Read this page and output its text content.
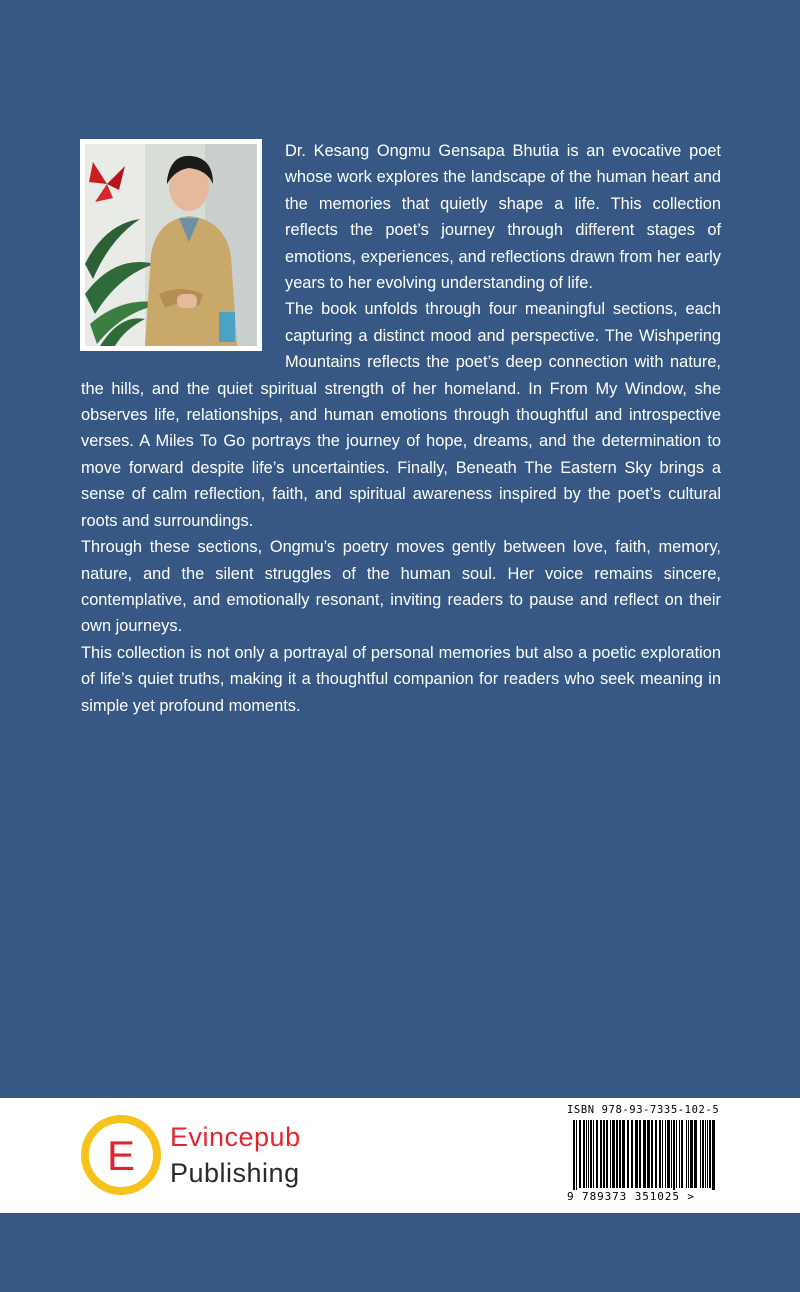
Dr. Kesang Ongmu Gensapa Bhutia is an evocative poet whose work explores the landscape of the human heart and the memories that quietly shape a life. This collection reflects the poet’s journey through different stages of emotions, experiences, and reflections drawn from her early years to her evolving understanding of life.

The book unfolds through four meaningful sections, each capturing a distinct mood and perspective. The Wishpering Mountains reflects the poet’s deep connection with nature, the hills, and the quiet spiritual strength of her homeland. In From My Window, she observes life, relationships, and human emotions through thoughtful and introspective verses. A Miles To Go portrays the journey of hope, dreams, and the determination to move forward despite life’s uncertainties. Finally, Beneath The Eastern Sky brings a sense of calm reflection, faith, and spiritual awareness inspired by the poet’s cultural roots and surroundings.

Through these sections, Ongmu’s poetry moves gently between love, faith, memory, nature, and the silent struggles of the human soul. Her voice remains sincere, contemplative, and emotionally resonant, inviting readers to pause and reflect on their own journeys.

This collection is not only a portrayal of personal memories but also a poetic exploration of life’s quiet truths, making it a thoughtful companion for readers who seek meaning in simple yet profound moments.

E Evincepub
Publishing
ISBN 978-93-7335-102-5
9 789373 351025 >
